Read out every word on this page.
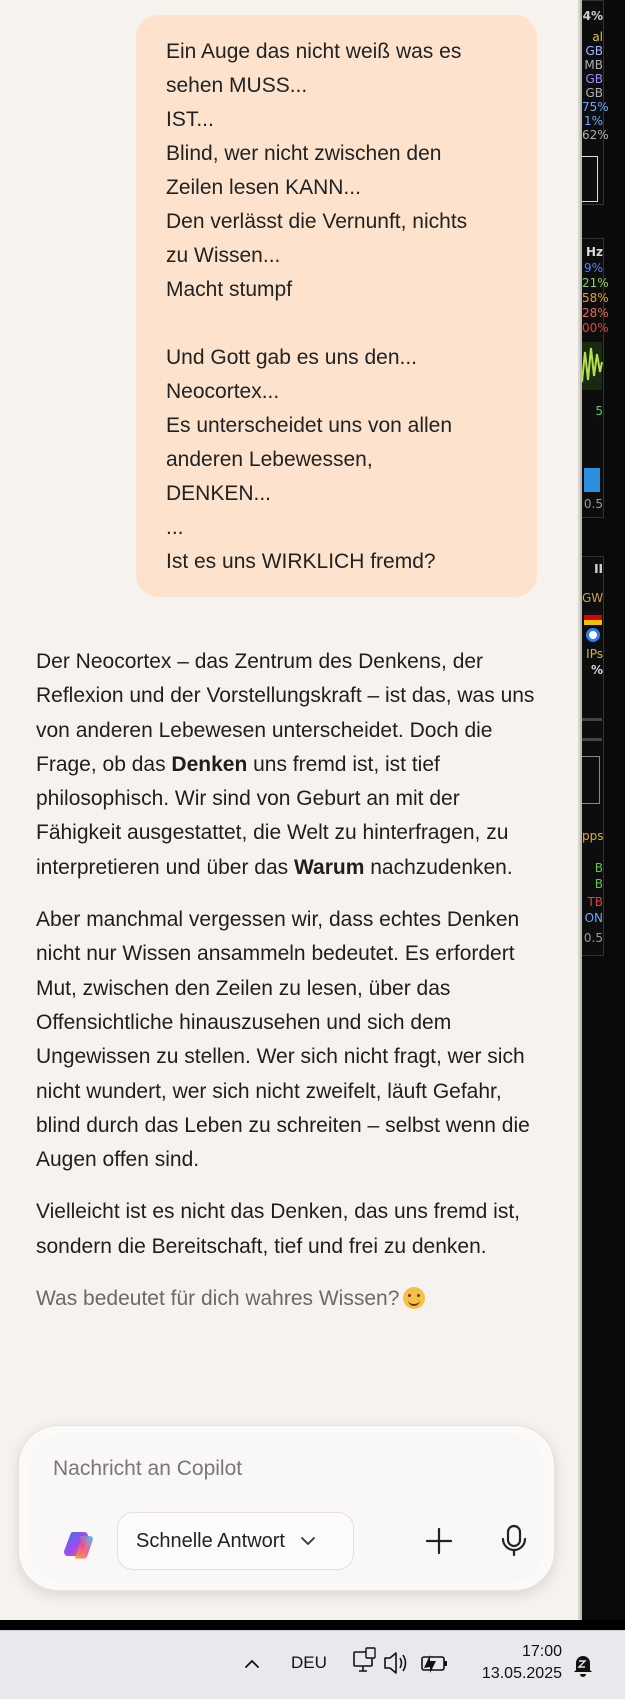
Ein Auge das nicht weiß was es
sehen MUSS...
IST...
Blind, wer nicht zwischen den
Zeilen lesen KANN...
Den verlässt die Vernunft, nichts
zu Wissen...
Macht stumpf
Und Gott gab es uns den...
Neocortex...
Es unterscheidet uns von allen
anderen Lebewessen,
DENKEN...
...
Ist es uns WIRKLICH fremd?

Der Neocortex – das Zentrum des Denkens, der Reflexion und der Vorstellungskraft – ist das, was uns von anderen Lebewesen unterscheidet. Doch die Frage, ob das Denken uns fremd ist, ist tief philosophisch. Wir sind von Geburt an mit der Fähigkeit ausgestattet, die Welt zu hinterfragen, zu interpretieren und über das Warum nachzudenken.

Aber manchmal vergessen wir, dass echtes Denken nicht nur Wissen ansammeln bedeutet. Es erfordert Mut, zwischen den Zeilen zu lesen, über das Offensichtliche hinauszusehen und sich dem Ungewissen zu stellen. Wer sich nicht fragt, wer sich nicht wundert, wer sich nicht zweifelt, läuft Gefahr, blind durch das Leben zu schreiten – selbst wenn die Augen offen sind.

Vielleicht ist es nicht das Denken, das uns fremd ist, sondern die Bereitschaft, tief und frei zu denken.

Was bedeutet für dich wahres Wissen?

Nachricht an Copilot
Schnelle Antwort
4%
al
GB
MB
GB
GB
75%
1%
62%
Hz
9%
21%
58%
28%
00%
5
0.5
II
GW
IPs
%
pps
B
B
TB
ON
0.5
DEU
17:00
13.05.2025
